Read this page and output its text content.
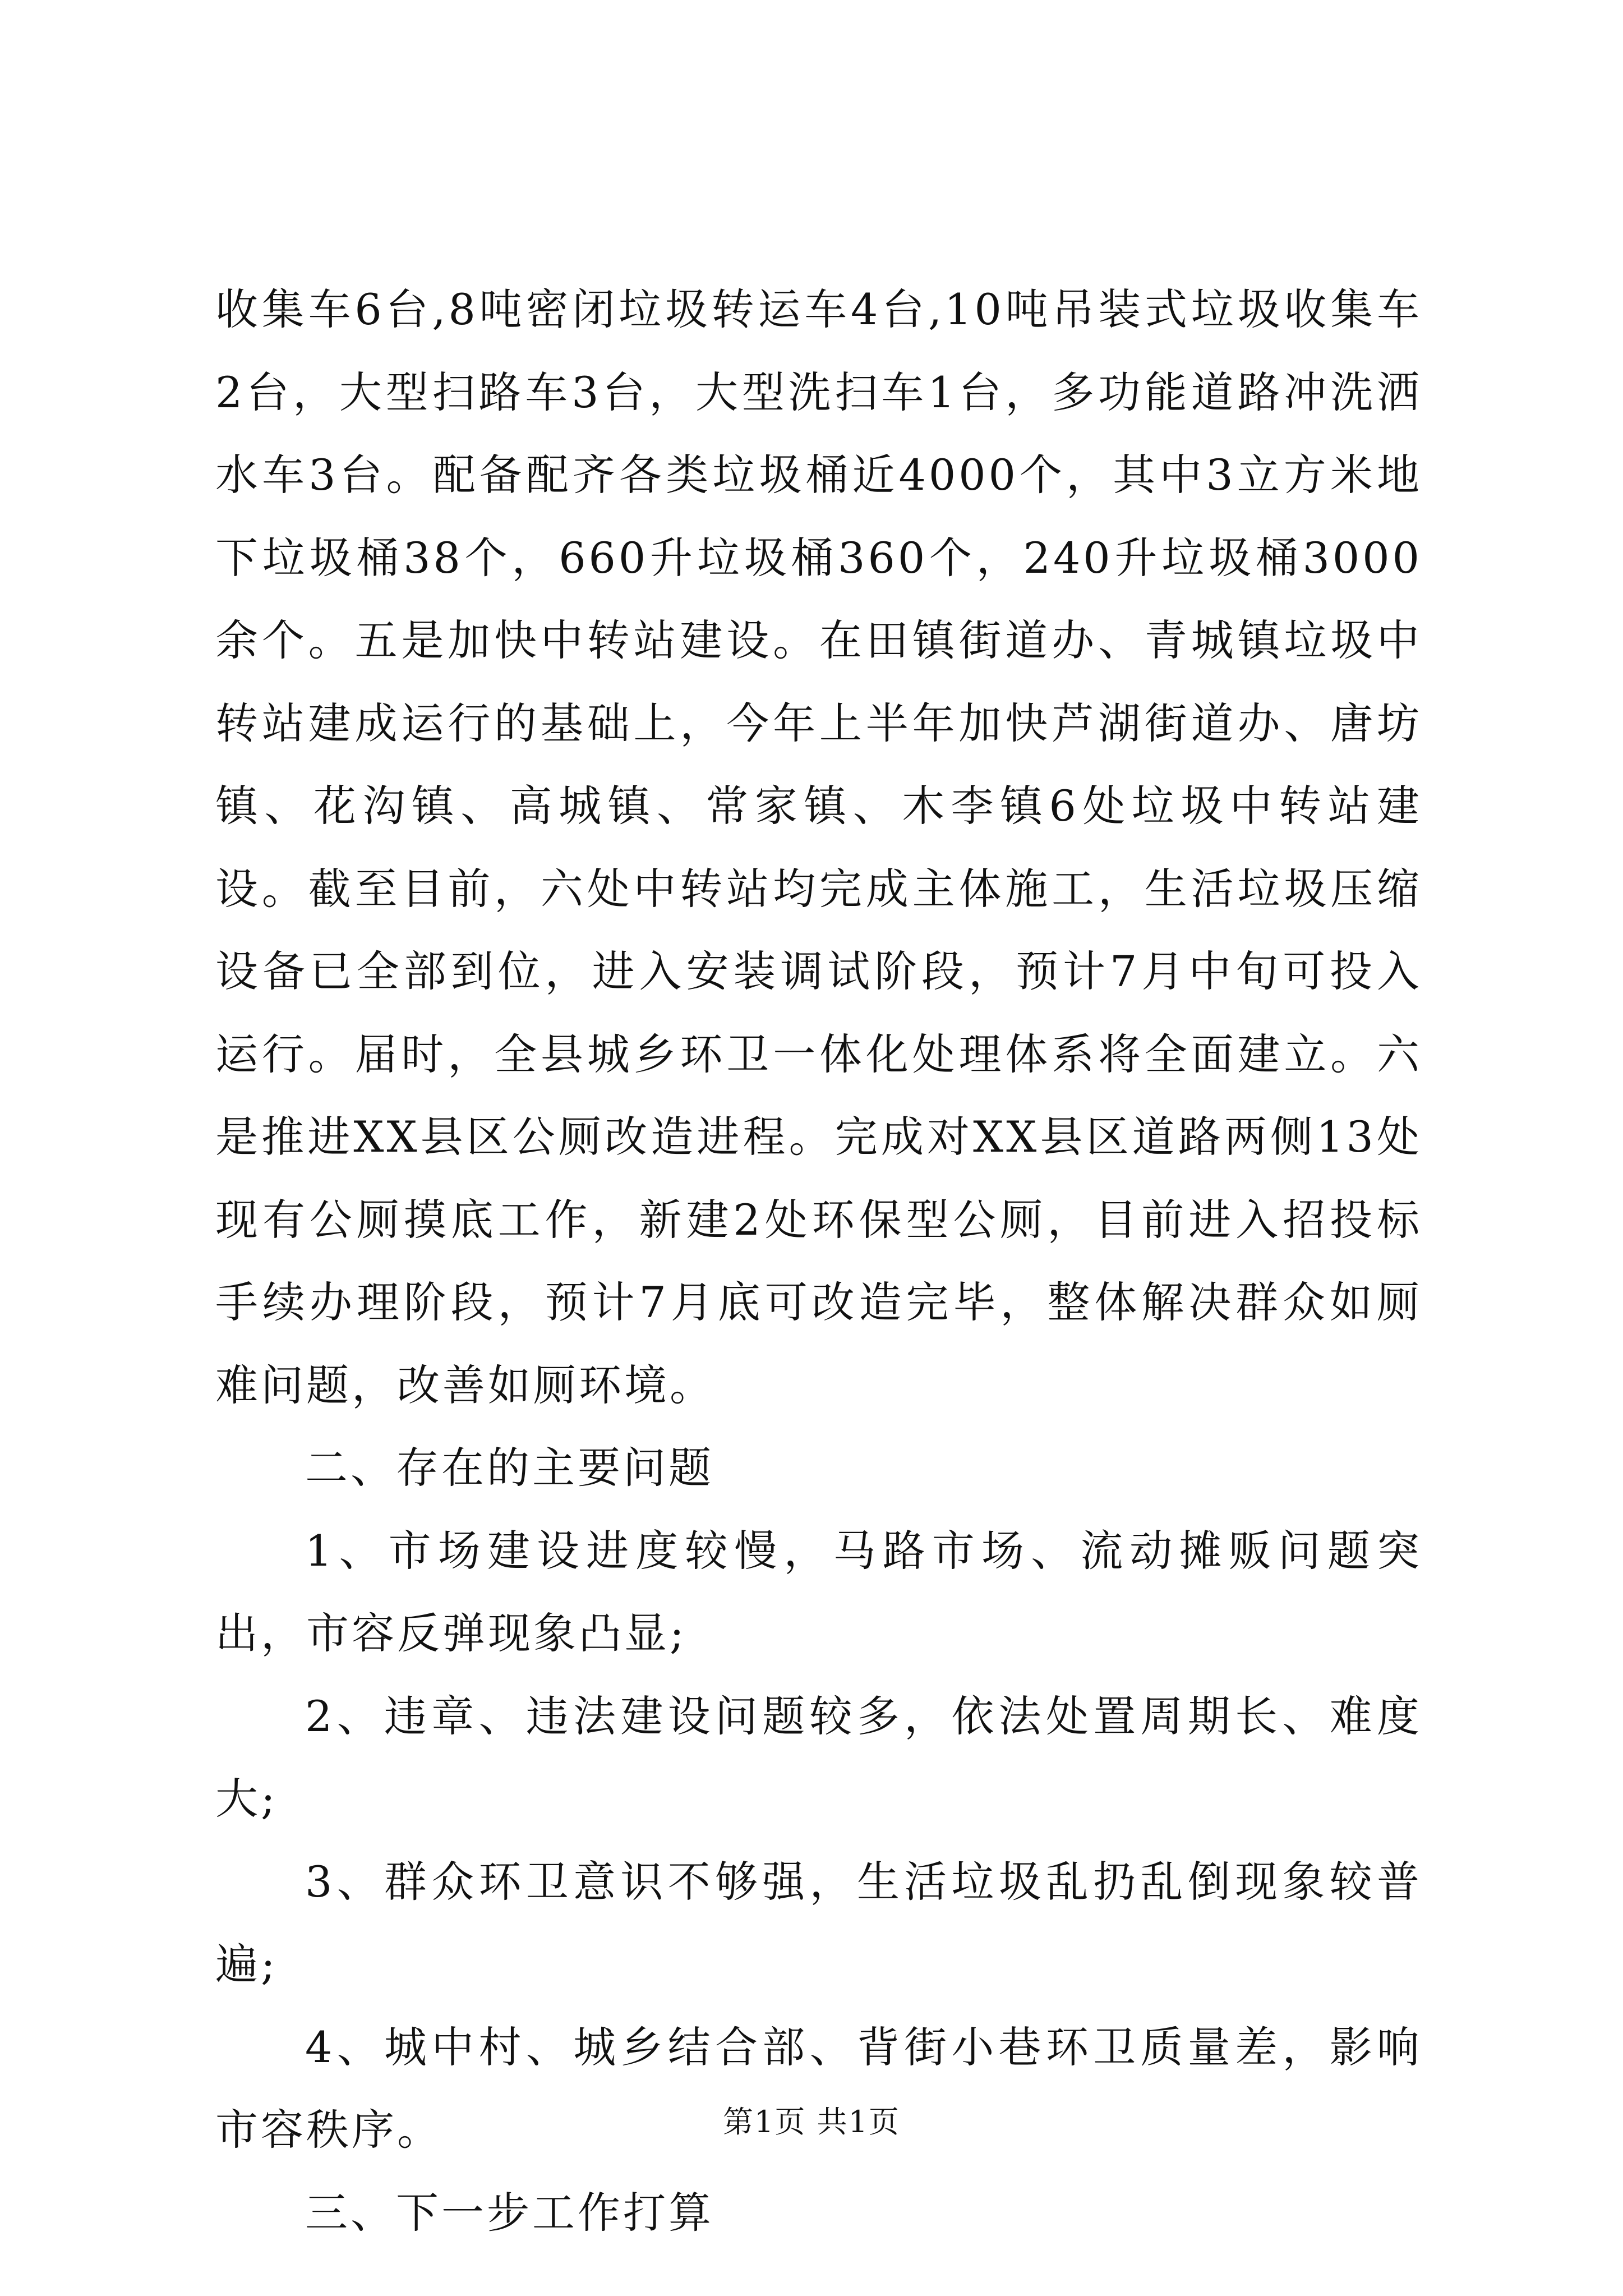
收集车6台,8吨密闭垃圾转运车4台,10吨吊装式垃圾收集车2台，大型扫路车3台，大型洗扫车1台，多功能道路冲洗洒水车3台。配备配齐各类垃圾桶近4000个，其中3立方米地下垃圾桶38个，660升垃圾桶360个，240升垃圾桶3000余个。五是加快中转站建设。在田镇街道办、青城镇垃圾中转站建成运行的基础上，今年上半年加快芦湖街道办、唐坊镇、花沟镇、高城镇、常家镇、木李镇6处垃圾中转站建设。截至目前，六处中转站均完成主体施工，生活垃圾压缩设备已全部到位，进入安装调试阶段，预计7月中旬可投入运行。届时，全县城乡环卫一体化处理体系将全面建立。六是推进XX县区公厕改造进程。完成对XX县区道路两侧13处现有公厕摸底工作，新建2处环保型公厕，目前进入招投标手续办理阶段，预计7月底可改造完毕，整体解决群众如厕难问题，改善如厕环境。

二、存在的主要问题

1、市场建设进度较慢，马路市场、流动摊贩问题突出，市容反弹现象凸显;

2、违章、违法建设问题较多，依法处置周期长、难度大;

3、群众环卫意识不够强，生活垃圾乱扔乱倒现象较普遍;

4、城中村、城乡结合部、背街小巷环卫质量差，影响市容秩序。

三、下一步工作打算

第1页 共1页
